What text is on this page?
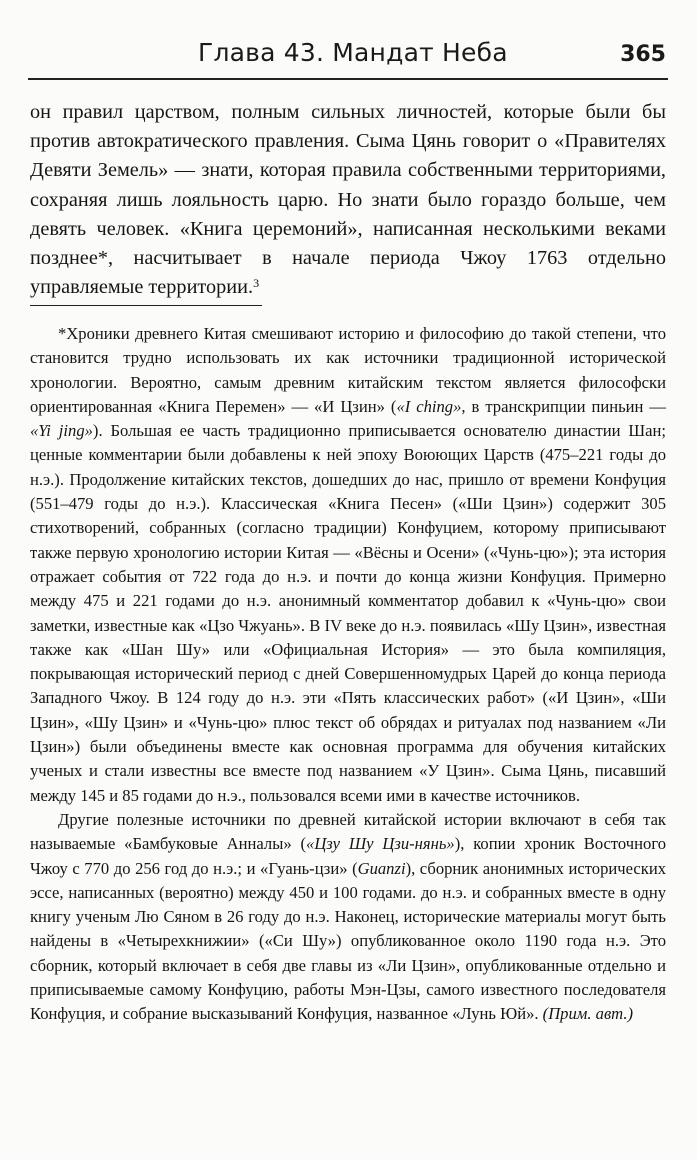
Глава 43. Мандат Неба	365

он правил царством, полным сильных личностей, которые были бы против автократического правления. Сыма Цянь говорит о «Правителях Девяти Земель» — знати, которая правила собственными территориями, сохраняя лишь лояльность царю. Но знати было гораздо больше, чем девять человек. «Книга церемоний», написанная несколькими веками позднее*, насчитывает в начале периода Чжоу 1763 отдельно управляемые территории.$^3$

*Хроники древнего Китая смешивают историю и философию до такой степени, что становится трудно использовать их как источники традиционной исторической хронологии. Вероятно, самым древним китайским текстом является философски ориентированная «Книга Перемен» — «И Цзин» («I ching», в транскрипции пиньин — «Yi jing»). Большая ее часть традиционно приписывается основателю династии Шан; ценные комментарии были добавлены к ней эпоху Воюющих Царств (475–221 годы до н.э.). Продолжение китайских текстов, дошедших до нас, пришло от времени Конфуция (551–479 годы до н.э.). Классическая «Книга Песен» («Ши Цзин») содержит 305 стихотворений, собранных (согласно традиции) Конфуцием, которому приписывают также первую хронологию истории Китая — «Вёсны и Осени» («Чунь-цю»); эта история отражает события от 722 года до н.э. и почти до конца жизни Конфуция. Примерно между 475 и 221 годами до н.э. анонимный комментатор добавил к «Чунь-цю» свои заметки, известные как «Цзо Чжуань». В IV веке до н.э. появилась «Шу Цзин», известная также как «Шан Шу» или «Официальная История» — это была компиляция, покрывающая исторический период с дней Совершенномудрых Царей до конца периода Западного Чжоу. В 124 году до н.э. эти «Пять классических работ» («И Цзин», «Ши Цзин», «Шу Цзин» и «Чунь-цю» плюс текст об обрядах и ритуалах под названием «Ли Цзин») были объединены вместе как основная программа для обучения китайских ученых и стали известны все вместе под названием «У Цзин». Сыма Цянь, писавший между 145 и 85 годами до н.э., пользовался всеми ими в качестве источников.

Другие полезные источники по древней китайской истории включают в себя так называемые «Бамбуковые Анналы» («Цзу Шу Цзи-нянь»), копии хроник Восточного Чжоу с 770 до 256 год до н.э.; и «Гуань-цзи» (Guanzi), сборник анонимных исторических эссе, написанных (вероятно) между 450 и 100 годами. до н.э. и собранных вместе в одну книгу ученым Лю Сяном в 26 году до н.э. Наконец, исторические материалы могут быть найдены в «Четырехкнижии» («Си Шу») опубликованное около 1190 года н.э. Это сборник, который включает в себя две главы из «Ли Цзин», опубликованные отдельно и приписываемые самому Конфуцию, работы Мэн-Цзы, самого известного последователя Конфуция, и собрание высказываний Конфуция, названное «Лунь Юй». (Прим. авт.)
